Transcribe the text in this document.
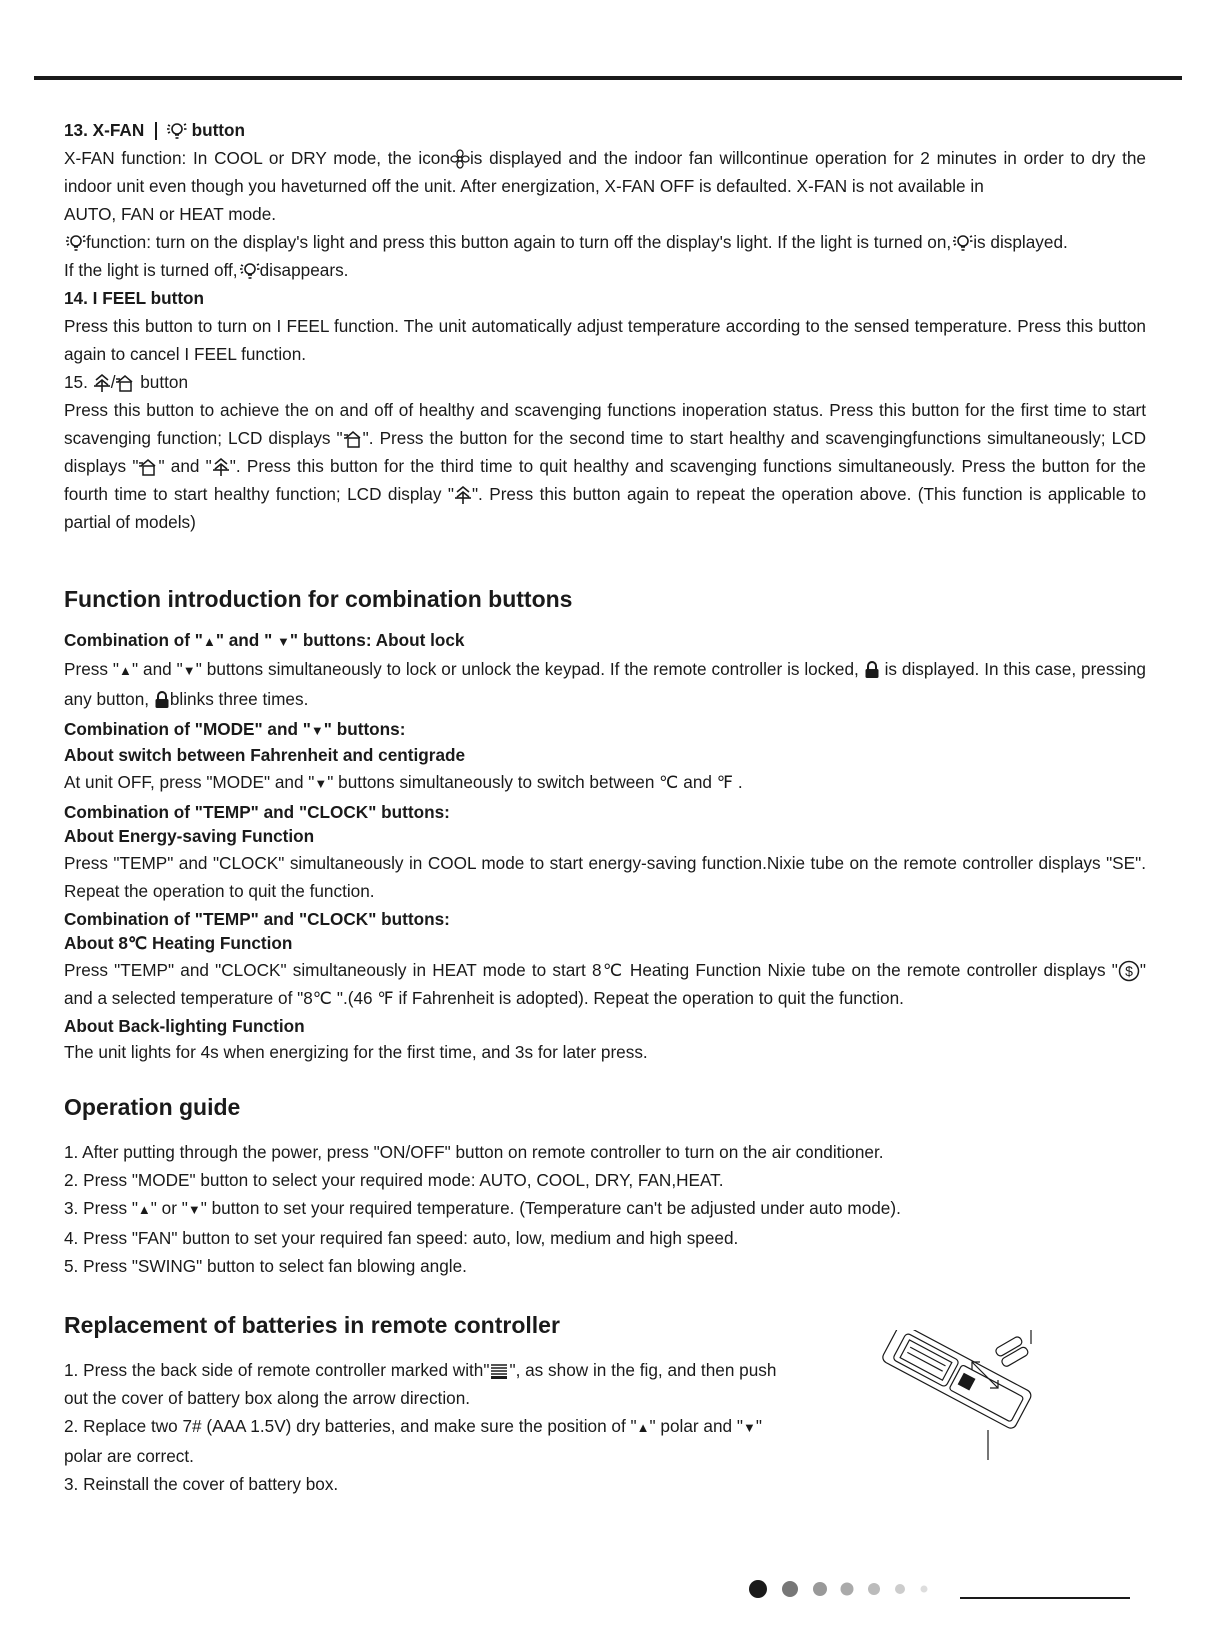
13. X-FAN	button

X-FAN function: In COOL or DRY mode, the icon is displayed and the indoor fan willcontinue operation for 2 minutes in order to dry the indoor unit even though you haveturned off the unit. After energization, X-FAN OFF is defaulted. X-FAN is not available in

AUTO, FAN or HEAT mode.

function: turn on the display's light and press this button again to turn off the display's light. If the light is turned on, is displayed.

If the light is turned off, disappears.

14. I FEEL button

Press this button to turn on I FEEL function. The unit automatically adjust temperature according to the sensed temperature. Press this button again to cancel I FEEL function.

15. / button

Press this button to achieve the on and off of healthy and scavenging functions inoperation status. Press this button for the first time to start scavenging function; LCD displays " ". Press the button for the second time to start healthy and scavengingfunctions simultaneously; LCD displays " " and " ". Press this button for the third time to quit healthy and scavenging functions simultaneously. Press the button for the fourth time to start healthy function; LCD display " ". Press this button again to repeat the operation above. (This function is applicable to partial of models)

Function introduction for combination buttons

Combination of "▲" and " ▼" buttons: About lock

Press "▲" and "▼" buttons simultaneously to lock or unlock the keypad. If the remote controller is locked, is displayed. In this case, pressing any button, blinks three times.

Combination of "MODE" and "▼" buttons:

About switch between Fahrenheit and centigrade

At unit OFF, press "MODE" and "▼" buttons simultaneously to switch between ℃ and ℉ .

Combination of "TEMP" and "CLOCK" buttons:

About Energy-saving Function

Press "TEMP" and "CLOCK" simultaneously in COOL mode to start energy-saving function.Nixie tube on the remote controller displays "SE". Repeat the operation to quit the function.

Combination of "TEMP" and "CLOCK" buttons:

About 8℃ Heating Function

Press "TEMP" and "CLOCK" simultaneously in HEAT mode to start 8℃ Heating Function Nixie tube on the remote controller displays " $ " and a selected temperature of "8℃ ".(46 ℉ if Fahrenheit is adopted). Repeat the operation to quit the function.

About Back-lighting Function

The unit lights for 4s when energizing for the first time, and 3s for later press.

Operation guide

1. After putting through the power, press "ON/OFF" button on remote controller to turn on the air conditioner.

2. Press "MODE" button to select your required mode: AUTO, COOL, DRY, FAN,HEAT.

3. Press "▲" or "▼" button to set your required temperature. (Temperature can't be adjusted under auto mode).

4. Press "FAN" button to set your required fan speed: auto, low, medium and high speed.

5. Press "SWING" button to select fan blowing angle.

Replacement of batteries in remote controller

1. Press the back side of remote controller marked with" ", as show in the fig, and then push out the cover of battery box along the arrow direction.

2. Replace two 7# (AAA 1.5V) dry batteries, and make sure the position of "▲" polar and "▼" polar are correct.

3. Reinstall the cover of battery box.
